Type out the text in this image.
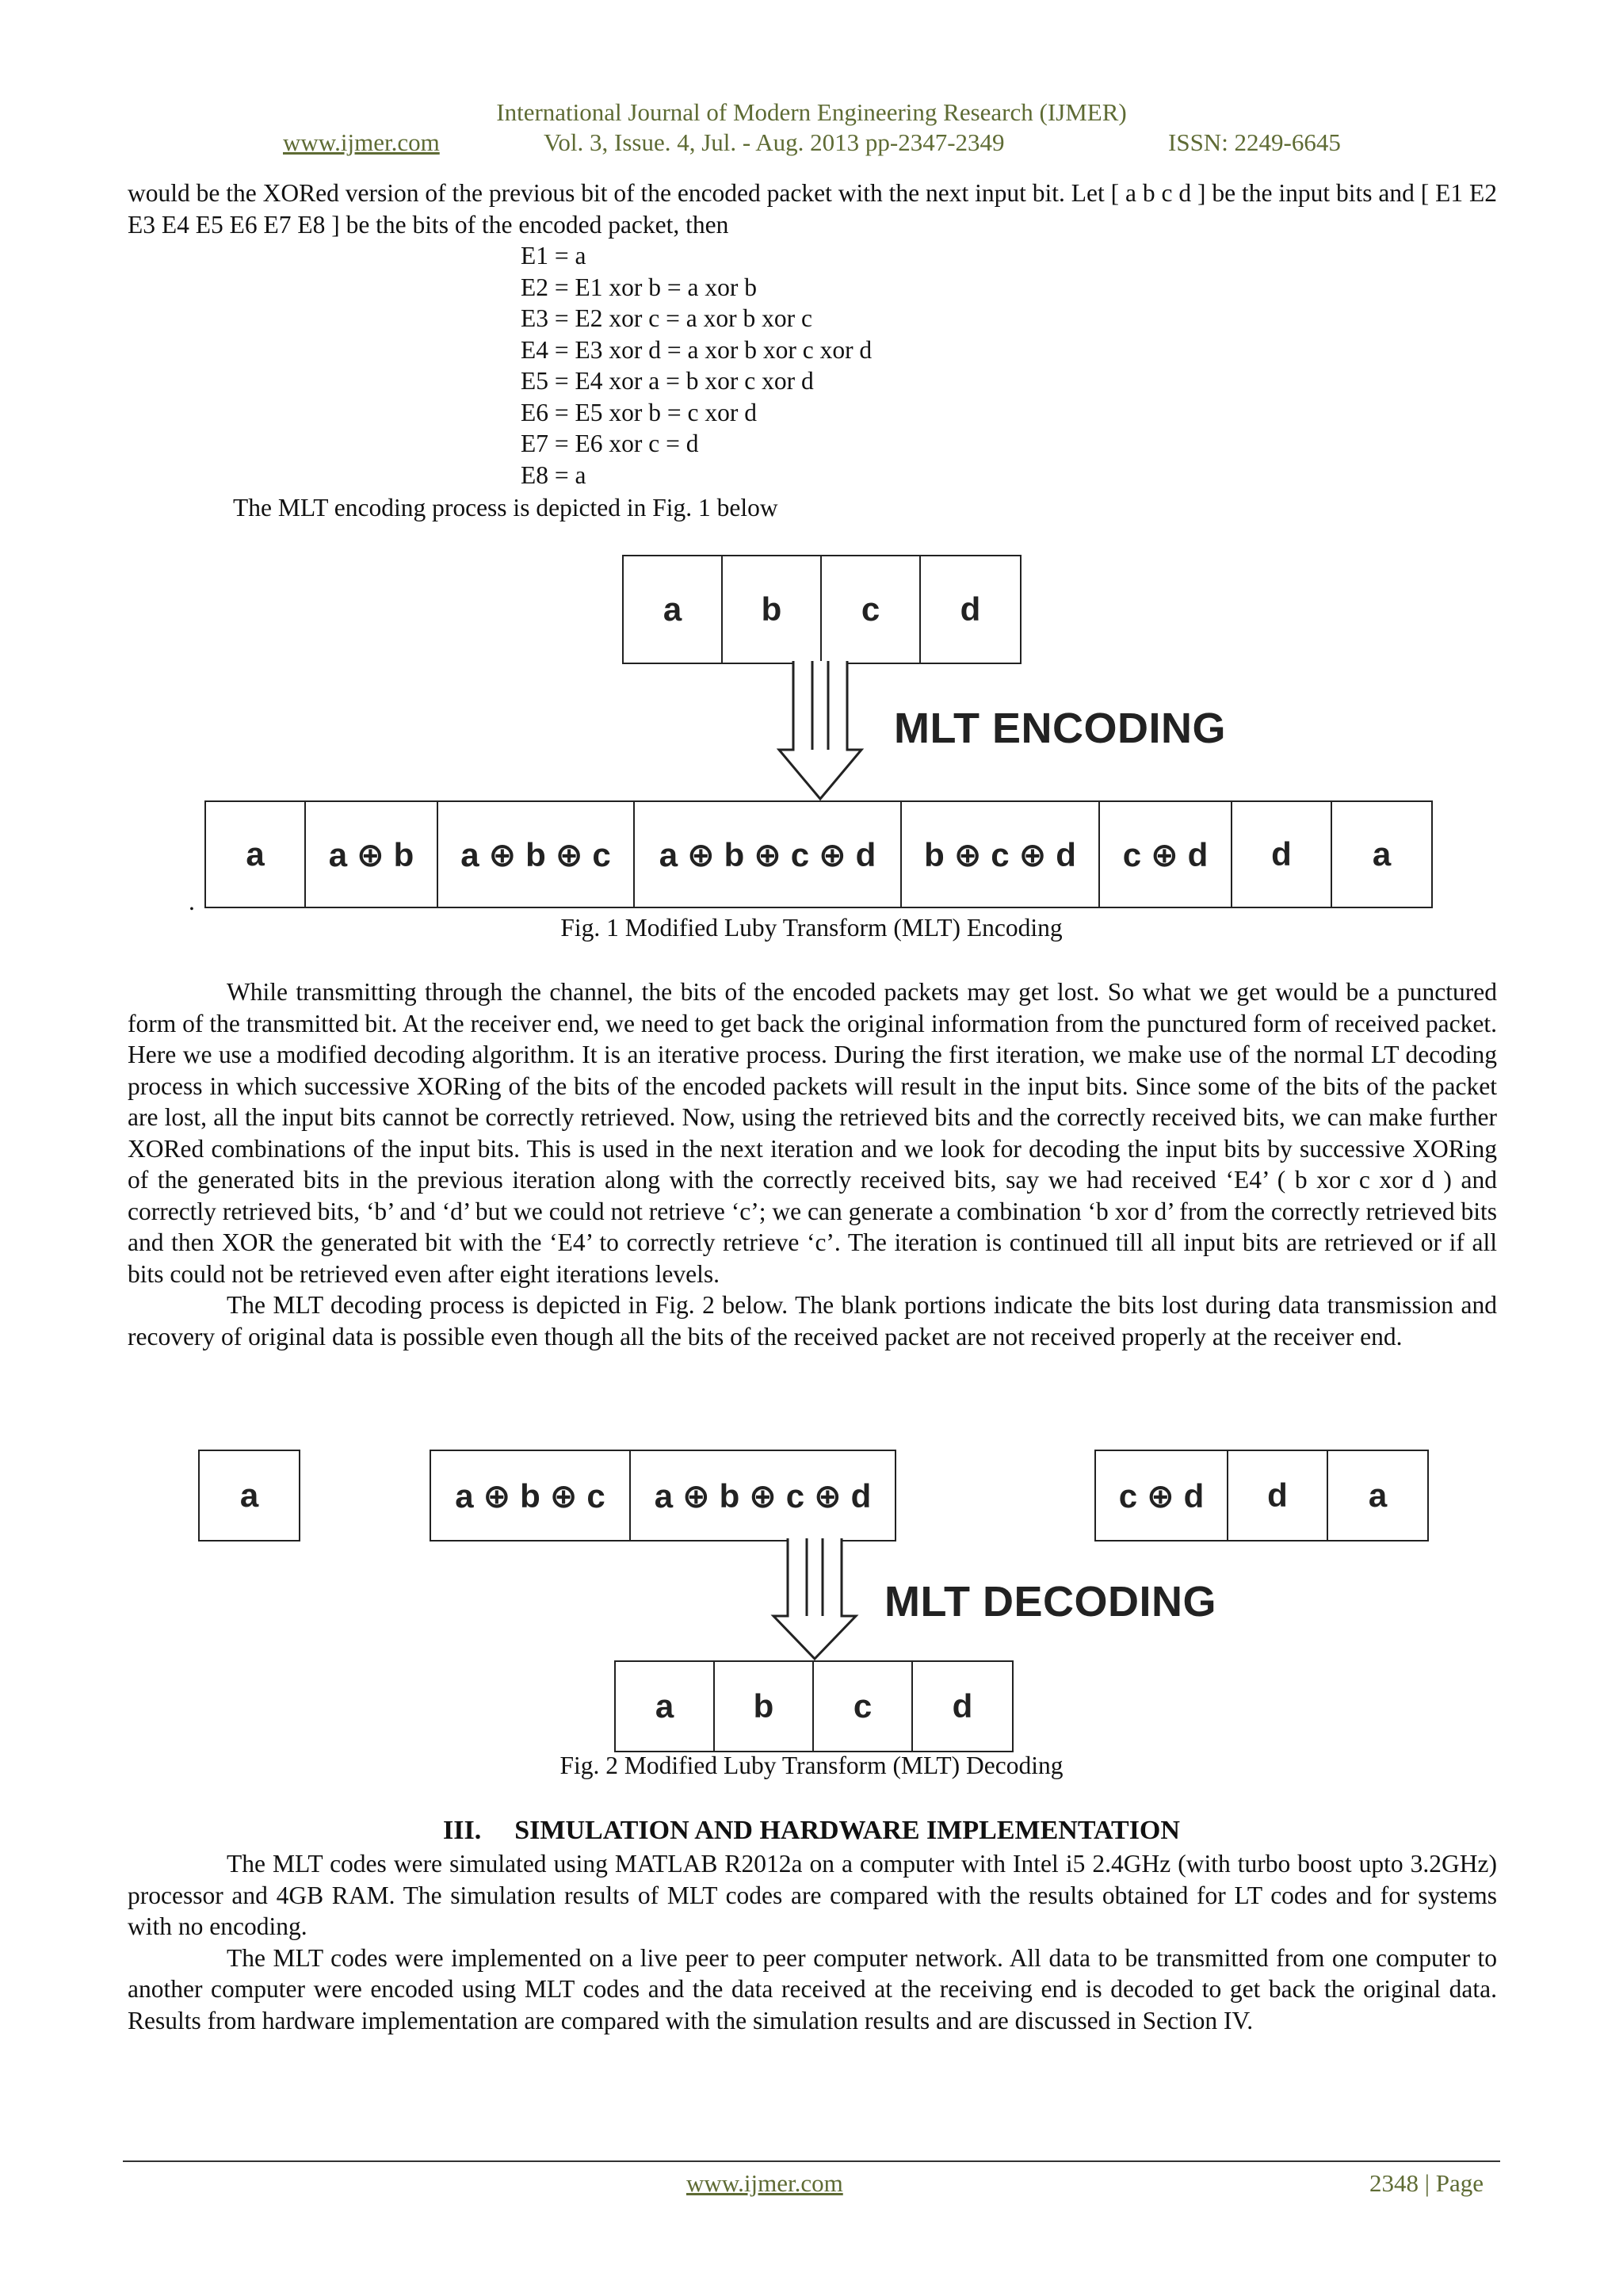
International Journal of Modern Engineering Research (IJMER)
www.ijmer.com	Vol. 3, Issue. 4, Jul. - Aug. 2013 pp-2347-2349	ISSN: 2249-6645

would be the XORed version of the previous bit of the encoded packet with the next input bit. Let [ a b c d ] be the input bits and [ E1 E2 E3 E4 E5 E6 E7 E8 ] be the bits of the encoded packet, then

E1 = a
E2 = E1 xor b = a xor b
E3 = E2 xor c = a xor b xor c
E4 = E3 xor d = a xor b xor c xor d
E5 = E4 xor a = b xor c xor d
E6 = E5 xor b = c xor d
E7 = E6 xor c = d
E8 = a
The MLT encoding process is depicted in Fig. 1 below
a	b	c	d
MLT ENCODING
a	a ⊕ b	a ⊕ b ⊕ c	a ⊕ b ⊕ c ⊕ d	b ⊕ c ⊕ d	c ⊕ d	d	a
.
Fig. 1 Modified Luby Transform (MLT) Encoding

While transmitting through the channel, the bits of the encoded packets may get lost. So what we get would be a punctured form of the transmitted bit. At the receiver end, we need to get back the original information from the punctured form of received packet. Here we use a modified decoding algorithm. It is an iterative process. During the first iteration, we make use of the normal LT decoding process in which successive XORing of the bits of the encoded packets will result in the input bits. Since some of the bits of the packet are lost, all the input bits cannot be correctly retrieved. Now, using the retrieved bits and the correctly received bits, we can make further XORed combinations of the input bits. This is used in the next iteration and we look for decoding the input bits by successive XORing of the generated bits in the previous iteration along with the correctly received bits, say we had received ‘E4’ ( b xor c xor d ) and correctly retrieved bits, ‘b’ and ‘d’ but we could not retrieve ‘c’; we can generate a combination ‘b xor d’ from the correctly retrieved bits and then XOR the generated bit with the ‘E4’ to correctly retrieve ‘c’. The iteration is continued till all input bits are retrieved or if all bits could not be retrieved even after eight iterations levels.

The MLT decoding process is depicted in Fig. 2 below. The blank portions indicate the bits lost during data transmission and recovery of original data is possible even though all the bits of the received packet are not received properly at the receiver end.

a	a ⊕ b ⊕ c	a ⊕ b ⊕ c ⊕ d	c ⊕ d	d	a
MLT DECODING
a	b	c	d
Fig. 2 Modified Luby Transform (MLT) Decoding
III. SIMULATION AND HARDWARE IMPLEMENTATION

The MLT codes were simulated using MATLAB R2012a on a computer with Intel i5 2.4GHz (with turbo boost upto 3.2GHz) processor and 4GB RAM. The simulation results of MLT codes are compared with the results obtained for LT codes and for systems with no encoding.

The MLT codes were implemented on a live peer to peer computer network. All data to be transmitted from one computer to another computer were encoded using MLT codes and the data received at the receiving end is decoded to get back the original data. Results from hardware implementation are compared with the simulation results and are discussed in Section IV.

www.ijmer.com	2348 | Page
